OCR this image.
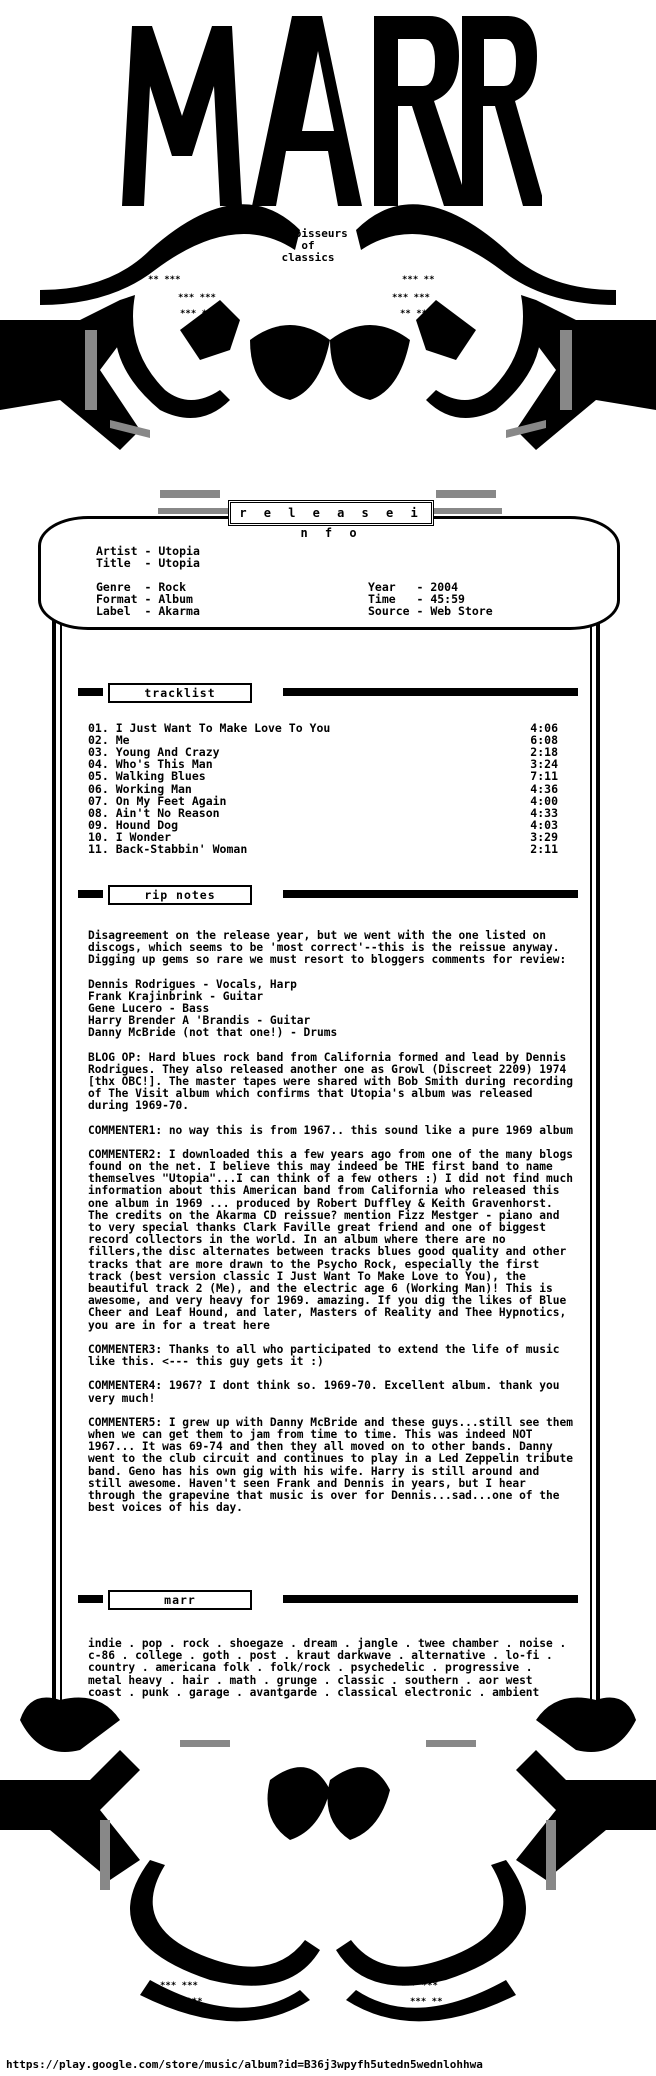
** ***
*** ***
*** **
*** **
*** ***
** ***
*** ***
** ***
*** ***
*** **
connoisseurs
of
classics
r e l e a s e i n f o
Artist - Utopia
Title  - Utopia
Genre  - Rock
Format - Album
Label  - Akarma
Year   - 2004
Time   - 45:59
Source - Web Store
tracklist
01. I Just Want To Make Love To You	4:06
02. Me	6:08
03. Young And Crazy	2:18
04. Who's This Man	3:24
05. Walking Blues	7:11
06. Working Man	4:36
07. On My Feet Again	4:00
08. Ain't No Reason	4:33
09. Hound Dog	4:03
10. I Wonder	3:29
11. Back-Stabbin' Woman	2:11
rip notes

Disagreement on the release year, but we went with the one listed on discogs, which seems to be 'most correct'--this is the reissue anyway. Digging up gems so rare we must resort to bloggers comments for review:

Dennis Rodrigues - Vocals, Harp
Frank Krajinbrink - Guitar
Gene Lucero - Bass
Harry Brender A 'Brandis - Guitar
Danny McBride (not that one!) - Drums

BLOG OP: Hard blues rock band from California formed and lead by Dennis Rodrigues. They also released another one as Growl (Discreet 2209) 1974 [thx OBC!]. The master tapes were shared with Bob Smith during recording of The Visit album which confirms that Utopia's album was released during 1969-70.

COMMENTER1: no way this is from 1967.. this sound like a pure 1969 album

COMMENTER2: I downloaded this a few years ago from one of the many blogs found on the net. I believe this may indeed be THE first band to name themselves "Utopia"...I can think of a few others :) I did not find much information about this American band from California who released this one album in 1969 ... produced by Robert Duffley & Keith Gravenhorst. The credits on the Akarma CD reissue? mention Fizz Mestger - piano and to very special thanks Clark Faville great friend and one of biggest record collectors in the world. In an album where there are no fillers,the disc alternates between tracks blues good quality and other tracks that are more drawn to the Psycho Rock, especially the first track (best version classic I Just Want To Make Love to You), the beautiful track 2 (Me), and the electric age 6 (Working Man)! This is awesome, and very heavy for 1969. amazing. If you dig the likes of Blue Cheer and Leaf Hound, and later, Masters of Reality and Thee Hypnotics, you are in for a treat here

COMMENTER3: Thanks to all who participated to extend the life of music like this. <--- this guy gets it :)

COMMENTER4: 1967? I dont think so. 1969-70. Excellent album. thank you very much!

COMMENTER5: I grew up with Danny McBride and these guys...still see them when we can get them to jam from time to time. This was indeed NOT 1967... It was 69-74 and then they all moved on to other bands. Danny went to the club circuit and continues to play in a Led Zeppelin tribute band. Geno has his own gig with his wife. Harry is still around and still awesome. Haven't seen Frank and Dennis in years, but I hear through the grapevine that music is over for Dennis...sad...one of the best voices of his day.

marr
indie . pop . rock . shoegaze . dream . jangle . twee chamber . noise . c-86 . college . goth . post . kraut darkwave . alternative . lo-fi . country . americana folk . folk/rock . psychedelic . progressive . metal heavy . hair . math . grunge . classic . southern . aor west coast . punk . garage . avantgarde . classical electronic . ambient
https://play.google.com/store/music/album?id=B36j3wpyfh5utedn5wednlohhwa
